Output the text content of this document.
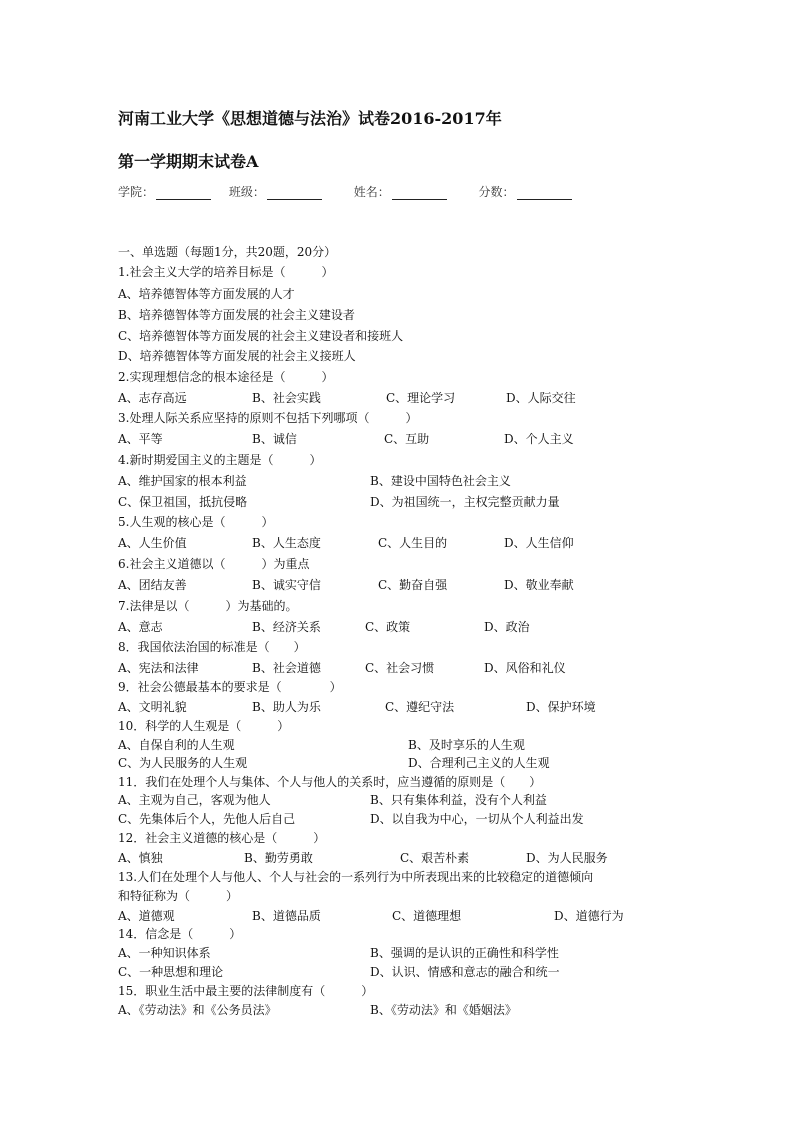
河南工业大学《思想道德与法治》试卷2016-2017年
第一学期期末试卷A
学院：	班级：	姓名：	分数：
一、单选题（每题1分，共20题，20分）
1.社会主义大学的培养目标是（　　　）
A、培养德智体等方面发展的人才
B、培养德智体等方面发展的社会主义建设者
C、培养德智体等方面发展的社会主义建设者和接班人
D、培养德智体等方面发展的社会主义接班人
2.实现理想信念的根本途径是（　　　）
A、志存高远	B、社会实践	C、理论学习	D、人际交往
3.处理人际关系应坚持的原则不包括下列哪项（　　　）
A、平等	B、诚信	C、互助	D、个人主义
4.新时期爱国主义的主题是（　　　）
A、维护国家的根本利益	B、建设中国特色社会主义
C、保卫祖国，抵抗侵略	D、为祖国统一，主权完整贡献力量
5.人生观的核心是（　　　）
A、人生价值	B、人生态度	C、人生目的	D、人生信仰
6.社会主义道德以（　　　）为重点
A、团结友善	B、诚实守信	C、勤奋自强	D、敬业奉献
7.法律是以（　　　）为基础的。
A、意志	B、经济关系	C、政策	D、政治
8．我国依法治国的标准是（　　）
A、宪法和法律	B、社会道德	C、社会习惯	D、风俗和礼仪
9．社会公德最基本的要求是（　　　　）
A、文明礼貌	B、助人为乐	C、遵纪守法	D、保护环境
10．科学的人生观是（　　　）
A、自保自利的人生观	B、及时享乐的人生观
C、为人民服务的人生观	D、合理利己主义的人生观
11．我们在处理个人与集体、个人与他人的关系时，应当遵循的原则是（　　）
A、主观为自己，客观为他人	B、只有集体利益，没有个人利益
C、先集体后个人，先他人后自己	D、以自我为中心，一切从个人利益出发
12．社会主义道德的核心是（　　　）
A、慎独	B、勤劳勇敢	C、艰苦朴素	D、为人民服务
13.人们在处理个人与他人、个人与社会的一系列行为中所表现出来的比较稳定的道德倾向
和特征称为（　　　）
A、道德观	B、道德品质	C、道德理想	D、道德行为
14．信念是（　　　）
A、一种知识体系	B、强调的是认识的正确性和科学性
C、一种思想和理论	D、认识、情感和意志的融合和统一
15．职业生活中最主要的法律制度有（　　　）
A、《劳动法》和《公务员法》	B、《劳动法》和《婚姻法》
